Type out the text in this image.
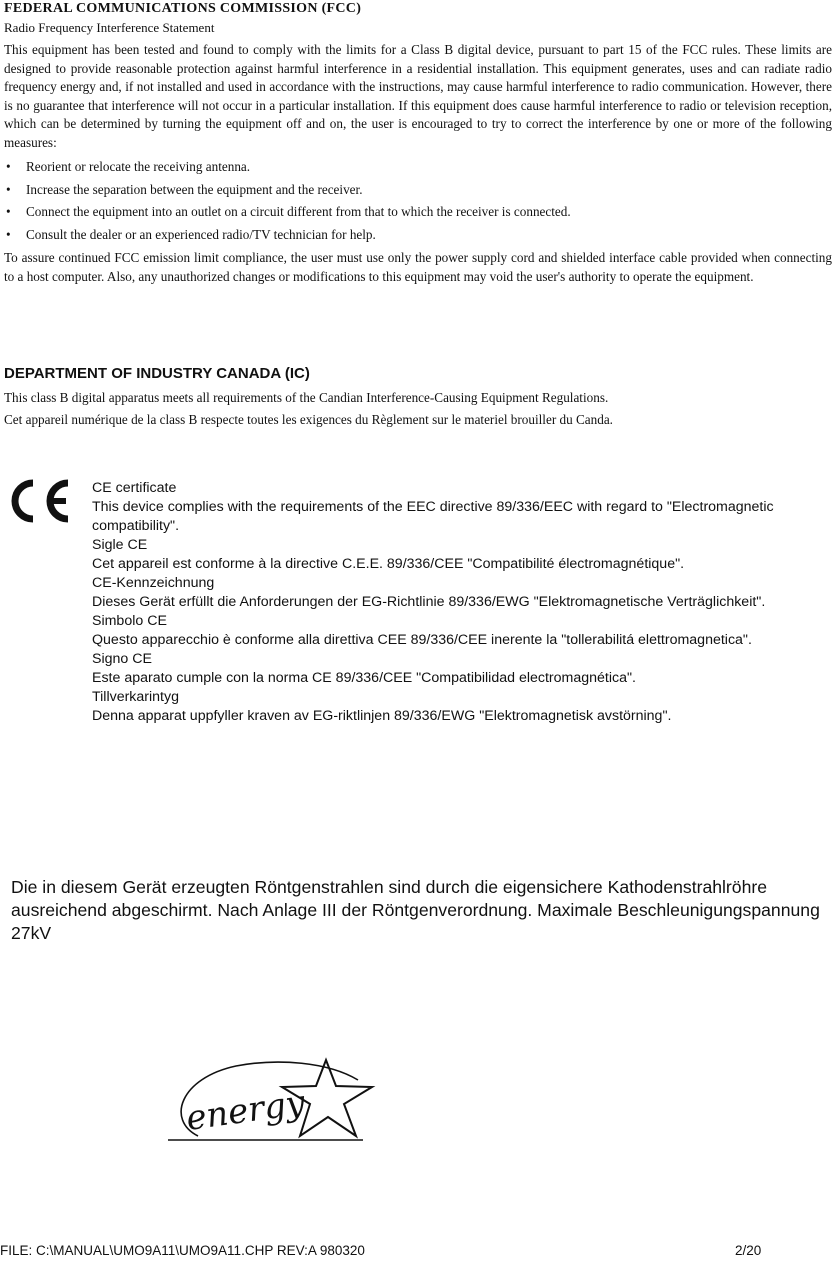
FEDERAL COMMUNICATIONS COMMISSION (FCC)
Radio Frequency Interference Statement

This equipment has been tested and found to comply with the limits for a Class B digital device, pursuant to part 15 of the FCC rules. These limits are designed to provide reasonable protection against harmful interference in a residential installation. This equipment generates, uses and can radiate radio frequency energy and, if not installed and used in accordance with the instructions, may cause harmful interference to radio communication. However, there is no guarantee that interference will not occur in a particular installation. If this equipment does cause harmful interference to radio or television reception, which can be determined by turning the equipment off and on, the user is encouraged to try to correct the interference by one or more of the following measures:

• Reorient or relocate the receiving antenna.
• Increase the separation between the equipment and the receiver.
• Connect the equipment into an outlet on a circuit different from that to which the receiver is connected.
• Consult the dealer or an experienced radio/TV technician for help.

To assure continued FCC emission limit compliance, the user must use only the power supply cord and shielded interface cable provided when connecting to a host computer. Also, any unauthorized changes or modifications to this equipment may void the user's authority to operate the equipment.

DEPARTMENT OF INDUSTRY CANADA (IC)

This class B digital apparatus meets all requirements of the Candian Interference-Causing Equipment Regulations.

Cet appareil numérique de la class B respecte toutes les exigences du Règlement sur le materiel brouiller du Canda.

CE certificate

This device complies with the requirements of the EEC directive 89/336/EEC with regard to "Electromagnetic compatibility".

Sigle CE

Cet appareil est conforme à la directive C.E.E. 89/336/CEE "Compatibilité électromagnétique".

CE-Kennzeichnung

Dieses Gerät erfüllt die Anforderungen der EG-Richtlinie 89/336/EWG "Elektromagnetische Verträglichkeit".

Simbolo CE

Questo apparecchio è conforme alla direttiva CEE 89/336/CEE inerente la "tollerabilitá elettromagnetica".

Signo CE

Este aparato cumple con la norma CE 89/336/CEE "Compatibilidad electromagnética".

Tillverkarintyg

Denna apparat uppfyller kraven av EG-riktlinjen 89/336/EWG "Elektromagnetisk avstörning".

Die in diesem Gerät erzeugten Röntgenstrahlen sind durch die eigensichere Kathodenstrahlröhre ausreichend abgeschirmt. Nach Anlage III der Röntgenverordnung. Maximale Beschleunigungspannung 27kV

energy
FILE: C:\MANUAL\UMO9A11\UMO9A11.CHP REV:A 980320	2/20
